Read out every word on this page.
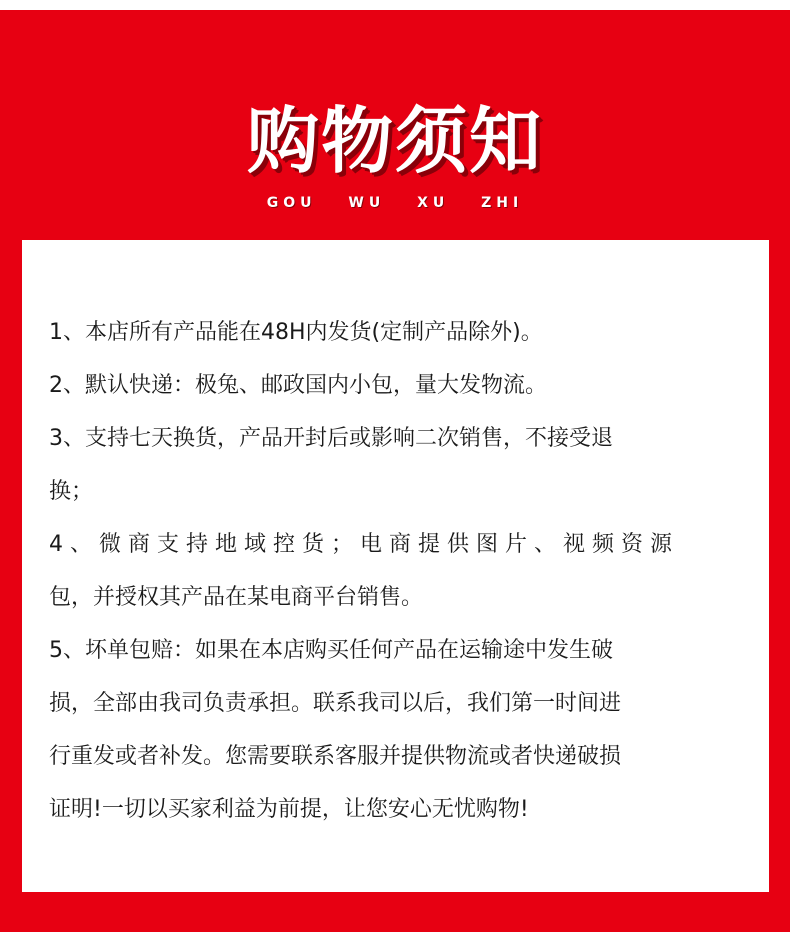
购物须知
GOU WU XU ZHI
1、本店所有产品能在48H内发货(定制产品除外)。
2、默认快递：极兔、邮政国内小包，量大发物流。
3、支持七天换货，产品开封后或影响二次销售，不接受退
换；
4、微商支持地域控货；电商提供图片、视频资源
包，并授权其产品在某电商平台销售。
5、坏单包赔：如果在本店购买任何产品在运输途中发生破
损，全部由我司负责承担。联系我司以后，我们第一时间进
行重发或者补发。您需要联系客服并提供物流或者快递破损
证明!一切以买家利益为前提，让您安心无忧购物!
